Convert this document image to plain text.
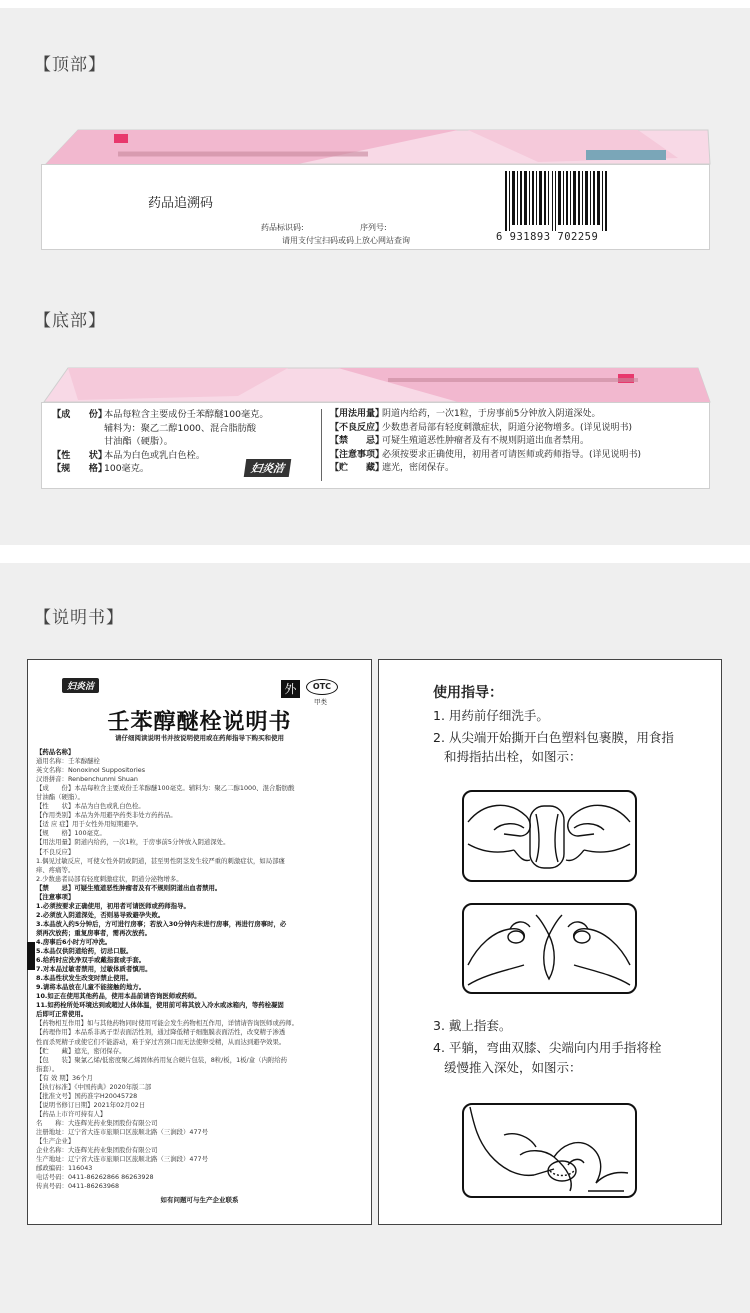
【顶部】
【底部】
【说明书】
药品追溯码
药品标识码:	序列号:
请用支付宝扫码或码上放心网站查询	6 931893 702259
【成　　份】
本品每粒含主要成份壬苯醇醚100毫克。
辅料为：聚乙二醇1000、混合脂肪酸
甘油酯（硬脂）。
【性　　状】
本品为白色或乳白色栓。
【规　　格】
100毫克。	妇炎洁
【用法用量】
阴道内给药，一次1粒，于房事前5分钟放入阴道深处。
【不良反应】
少数患者局部有轻度刺激症状，阴道分泌物增多。(详见说明书)
【禁　　忌】
可疑生殖道恶性肿瘤者及有不规则阴道出血者禁用。
【注意事项】
必须按要求正确使用，初用者可请医师或药师指导。(详见说明书)
【贮　　藏】
遮光，密闭保存。
妇炎洁	外	OTC
甲类
壬苯醇醚栓说明书
请仔细阅读说明书并按说明使用或在药师指导下购买和使用
【药品名称】
通用名称：壬苯醇醚栓
英文名称：Nonoxinol Suppositories
汉语拼音：Renbenchunmi Shuan
【成　　份】本品每粒含主要成份壬苯醇醚100毫克。辅料为：聚乙二醇1000、混合脂肪酸
甘油酯（硬脂）。
【性　　状】本品为白色或乳白色栓。
【作用类别】本品为外用避孕药类非处方药药品。
【适 应 症】用于女性外用短期避孕。
【规　　格】100毫克。
【用法用量】阴道内给药，一次1粒，于房事前5分钟放入阴道深处。
【不良反应】
1.偶见过敏反应，可使女性外阴或阴道，甚至男性阴茎发生较严重的刺激症状，如局部瘙
痒、疼痛等。
2.少数患者局部有轻度刺激症状，阴道分泌物增多。
【禁　　忌】可疑生殖道恶性肿瘤者及有不规则阴道出血者禁用。
【注意事项】
1.必须按要求正确使用，初用者可请医师或药师指导。
2.必须放入阴道深处，否则易导致避孕失败。
3.本品放入约5分钟后，方可进行房事；若放入30分钟内未进行房事，再进行房事时，必
须再次放药；重复房事者，需再次放药。
4.房事后6小时方可冲洗。
5.本品仅供阴道给药，切忌口服。
6.给药时应洗净双手或戴指套或手套。
7.对本品过敏者禁用，过敏体质者慎用。
8.本品性状发生改变时禁止使用。
9.请将本品放在儿童不能接触的地方。
10.如正在使用其他药品，使用本品前请咨询医师或药师。
11.如药栓所处环境达到或超过人体体温，使用前可将其放入冷水或冰箱内，等药栓凝固
后即可正常使用。
【药物相互作用】如与其他药物同时使用可能会发生药物相互作用，详情请咨询医师或药师。
【药理作用】本品系非离子型表面活性剂，通过降低精子细胞膜表面活性，改变精子渗透
性而杀死精子或使它们不能游动，难于穿过宫颈口而无法使卵受精，从而达到避孕效果。
【贮　　藏】遮光，密闭保存。
【包　　装】聚氯乙烯/低密度聚乙烯固体药用复合硬片包装，8粒/板，1板/盒（内附给药
指套）。
【有 效 期】36个月
【执行标准】《中国药典》2020年版二部
【批准文号】国药准字H20045728
【说明书修订日期】2021年02月02日
【药品上市许可持有人】
名　　称：大连辉光药业集团股份有限公司
注册地址：辽宁省大连市旅顺口区旅顺北路（三涧段）477号
【生产企业】
企业名称：大连辉光药业集团股份有限公司
生产地址：辽宁省大连市旅顺口区旅顺北路（三涧段）477号
邮政编码：116043
电话号码：0411-86262866 86263928
传真号码：0411-86263968
如有问题可与生产企业联系
使用指导：
1. 用药前仔细洗手。
2. 从尖端开始撕开白色塑料包裹膜，用食指
和拇指拈出栓，如图示：
3. 戴上指套。
4. 平躺，弯曲双膝、尖端向内用手指将栓
缓慢推入深处，如图示：
